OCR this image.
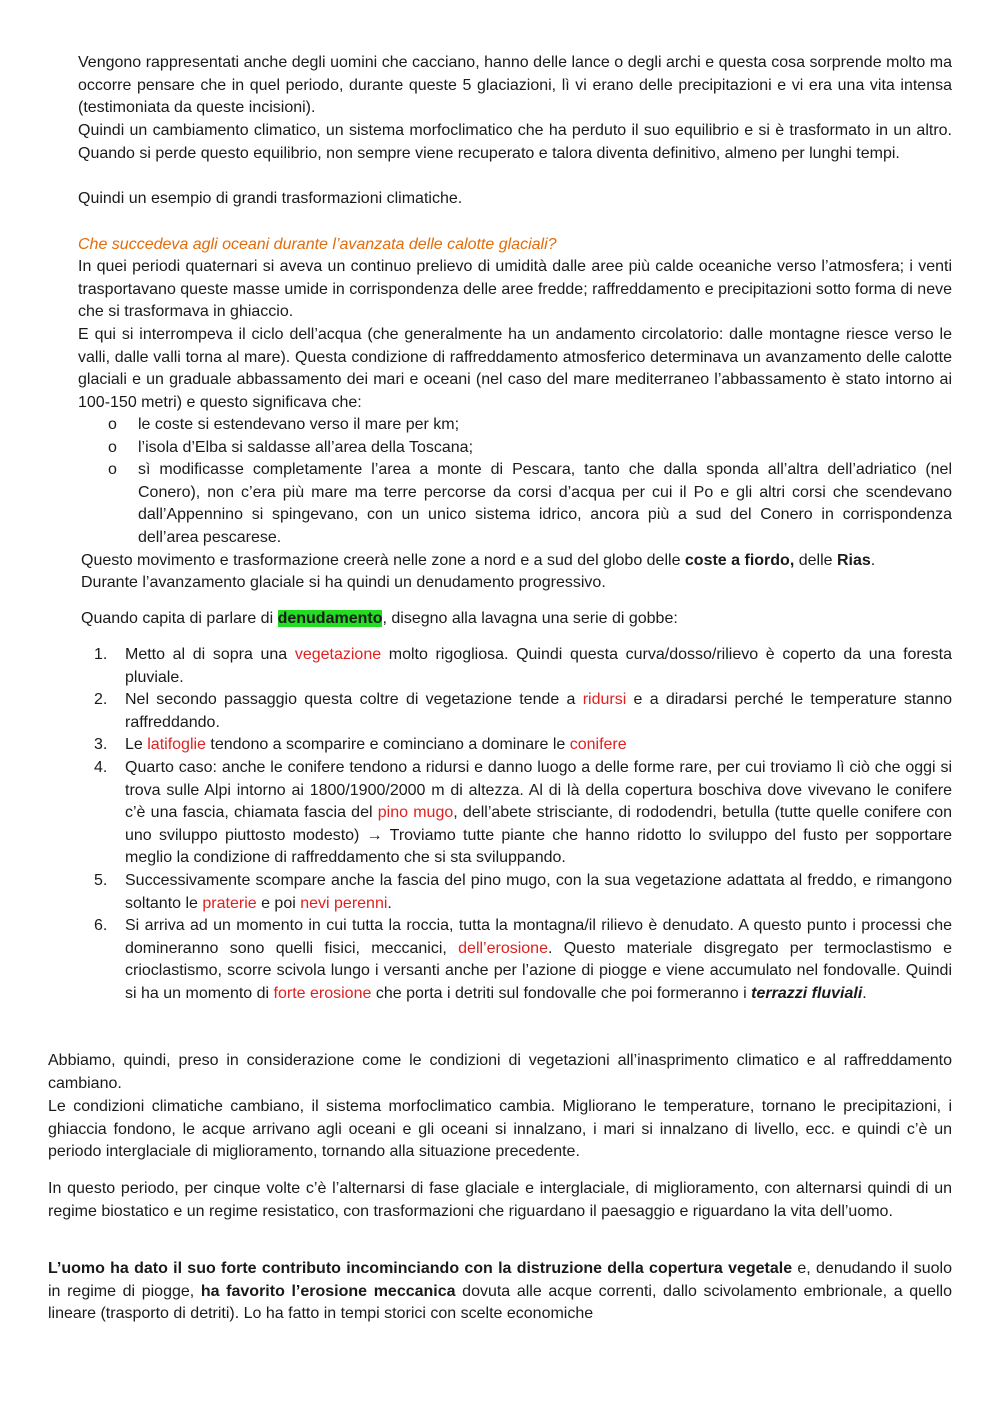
Vengono rappresentati anche degli uomini che cacciano, hanno delle lance o degli archi e questa cosa sorprende molto ma occorre pensare che in quel periodo, durante queste 5 glaciazioni, lì vi erano delle precipitazioni e vi era una vita intensa (testimoniata da queste incisioni).

Quindi un cambiamento climatico, un sistema morfoclimatico che ha perduto il suo equilibrio e si è trasformato in un altro. Quando si perde questo equilibrio, non sempre viene recuperato e talora diventa definitivo, almeno per lunghi tempi.

Quindi un esempio di grandi trasformazioni climatiche.

Che succedeva agli oceani durante l’avanzata delle calotte glaciali?

In quei periodi quaternari si aveva un continuo prelievo di umidità dalle aree più calde oceaniche verso l’atmosfera; i venti trasportavano queste masse umide in corrispondenza delle aree fredde; raffreddamento e precipitazioni sotto forma di neve che si trasformava in ghiaccio.

E qui si interrompeva il ciclo dell’acqua (che generalmente ha un andamento circolatorio: dalle montagne riesce verso le valli, dalle valli torna al mare). Questa condizione di raffreddamento atmosferico determinava un avanzamento delle calotte glaciali e un graduale abbassamento dei mari e oceani (nel caso del mare mediterraneo l’abbassamento è stato intorno ai 100-150 metri) e questo significava che:

o	le coste si estendevano verso il mare per km;
o	l’isola d’Elba si saldasse all’area della Toscana;
o	sì modificasse completamente l’area a monte di Pescara, tanto che dalla sponda all’altra dell’adriatico (nel Conero), non c’era più mare ma terre percorse da corsi d’acqua per cui il Po e gli altri corsi che scendevano dall’Appennino si spingevano, con un unico sistema idrico, ancora più a sud del Conero in corrispondenza dell’area pescarese.

Questo movimento e trasformazione creerà nelle zone a nord e a sud del globo delle coste a fiordo, delle Rias.

Durante l’avanzamento glaciale si ha quindi un denudamento progressivo.

Quando capita di parlare di denudamento, disegno alla lavagna una serie di gobbe:

1. Metto al di sopra una vegetazione molto rigogliosa. Quindi questa curva/dosso/rilievo è coperto da una foresta pluviale.
2. Nel secondo passaggio questa coltre di vegetazione tende a ridursi e a diradarsi perché le temperature stanno raffreddando.
3. Le latifoglie tendono a scomparire e cominciano a dominare le conifere
4. Quarto caso: anche le conifere tendono a ridursi e danno luogo a delle forme rare, per cui troviamo lì ciò che oggi si trova sulle Alpi intorno ai 1800/1900/2000 m di altezza. Al di là della copertura boschiva dove vivevano le conifere c’è una fascia, chiamata fascia del pino mugo, dell’abete strisciante, di rododendri, betulla (tutte quelle conifere con uno sviluppo piuttosto modesto) → Troviamo tutte piante che hanno ridotto lo sviluppo del fusto per sopportare meglio la condizione di raffreddamento che si sta sviluppando.
5. Successivamente scompare anche la fascia del pino mugo, con la sua vegetazione adattata al freddo, e rimangono soltanto le praterie e poi nevi perenni.
6. Si arriva ad un momento in cui tutta la roccia, tutta la montagna/il rilievo è denudato. A questo punto i processi che domineranno sono quelli fisici, meccanici, dell’erosione. Questo materiale disgregato per termoclastismo e crioclastismo, scorre scivola lungo i versanti anche per l’azione di piogge e viene accumulato nel fondovalle. Quindi si ha un momento di forte erosione che porta i detriti sul fondovalle che poi formeranno i terrazzi fluviali.

Abbiamo, quindi, preso in considerazione come le condizioni di vegetazioni all’inasprimento climatico e al raffreddamento cambiano.

Le condizioni climatiche cambiano, il sistema morfoclimatico cambia. Migliorano le temperature, tornano le precipitazioni, i ghiaccia fondono, le acque arrivano agli oceani e gli oceani si innalzano, i mari si innalzano di livello, ecc. e quindi c’è un periodo interglaciale di miglioramento, tornando alla situazione precedente.

In questo periodo, per cinque volte c’è l’alternarsi di fase glaciale e interglaciale, di miglioramento, con alternarsi quindi di un regime biostatico e un regime resistatico, con trasformazioni che riguardano il paesaggio e riguardano la vita dell’uomo.

L’uomo ha dato il suo forte contributo incominciando con la distruzione della copertura vegetale e, denudando il suolo in regime di piogge, ha favorito l’erosione meccanica dovuta alle acque correnti, dallo scivolamento embrionale, a quello lineare (trasporto di detriti). Lo ha fatto in tempi storici con scelte economiche
